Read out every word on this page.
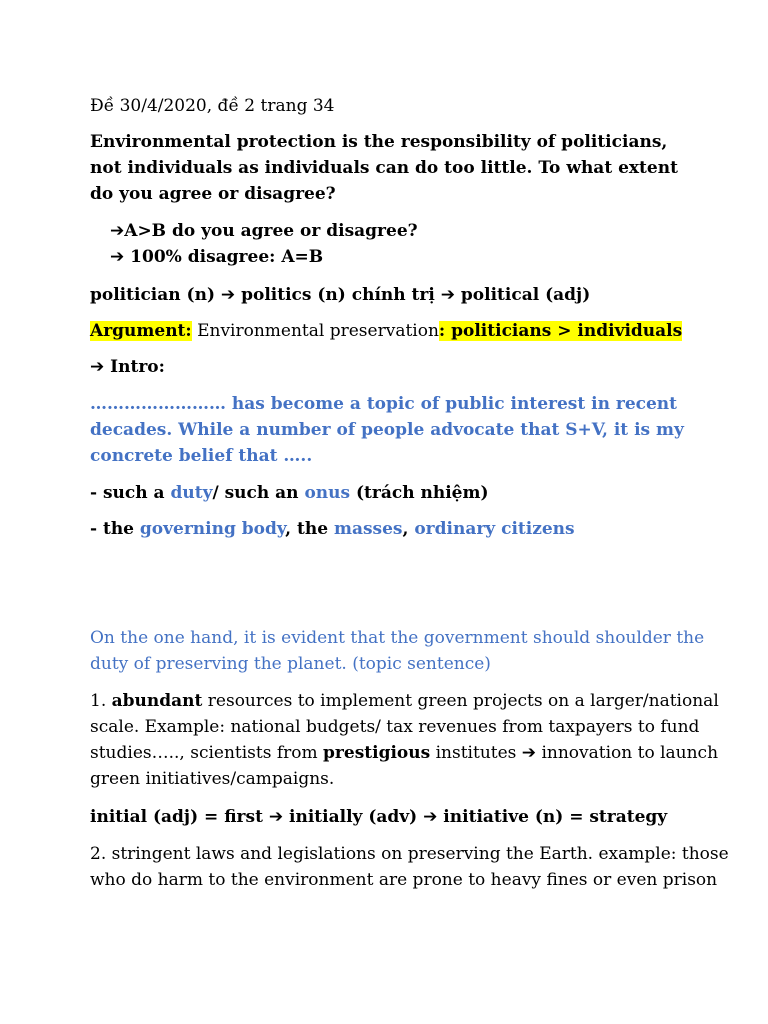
Đề 30/4/2020, đề 2 trang 34
Environmental protection is the responsibility of politicians,
not individuals as individuals can do too little. To what extent
do you agree or disagree?
➔A>B do you agree or disagree?
➔ 100% disagree: A=B
politician (n) ➔ politics (n) chính trị ➔ political (adj)
Argument: Environmental preservation: politicians > individuals
➔ Intro:
…………………… has become a topic of public interest in recent
decades. While a number of people advocate that S+V, it is my
concrete belief that …..
- such a duty/ such an onus (trách nhiệm)
- the governing body, the masses, ordinary citizens
On the one hand, it is evident that the government should shoulder the
duty of preserving the planet. (topic sentence)
1. abundant resources to implement green projects on a larger/national
scale. Example: national budgets/ tax revenues from taxpayers to fund
studies….., scientists from prestigious institutes ➔ innovation to launch
green initiatives/campaigns.
initial (adj) = first ➔ initially (adv) ➔ initiative (n) = strategy
2. stringent laws and legislations on preserving the Earth. example: those
who do harm to the environment are prone to heavy fines or even prison
